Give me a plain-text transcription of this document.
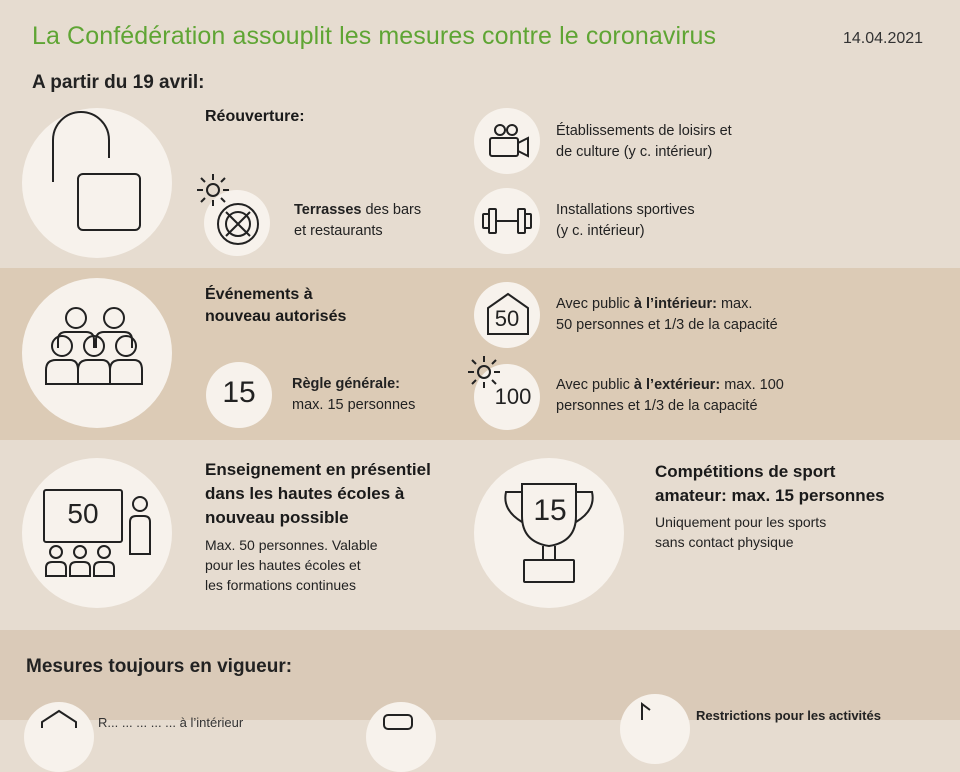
La Confédération assouplit les mesures contre le coronavirus	14.04.2021
A partir du 19 avril:
Réouverture:
Terrasses des bars
et restaurants
Établissements de loisirs et
de culture (y c. intérieur)
Installations sportives
(y c. intérieur)
Événements à
nouveau autorisés
15	Règle générale:
max. 15 personnes
50
Avec public à l’intérieur: max.
50 personnes et 1/3 de la capacité
100	Avec public à l’extérieur: max. 100
personnes et 1/3 de la capacité
50
Enseignement en présentiel
dans les hautes écoles à
nouveau possible
Max. 50 personnes. Valable
pour les hautes écoles et
les formations continues
15
Compétitions de sport
amateur: max. 15 personnes
Uniquement pour les sports
sans contact physique
Mesures toujours en vigueur:
R... ... ... ... ... à l’intérieur	Restrictions pour les activités
